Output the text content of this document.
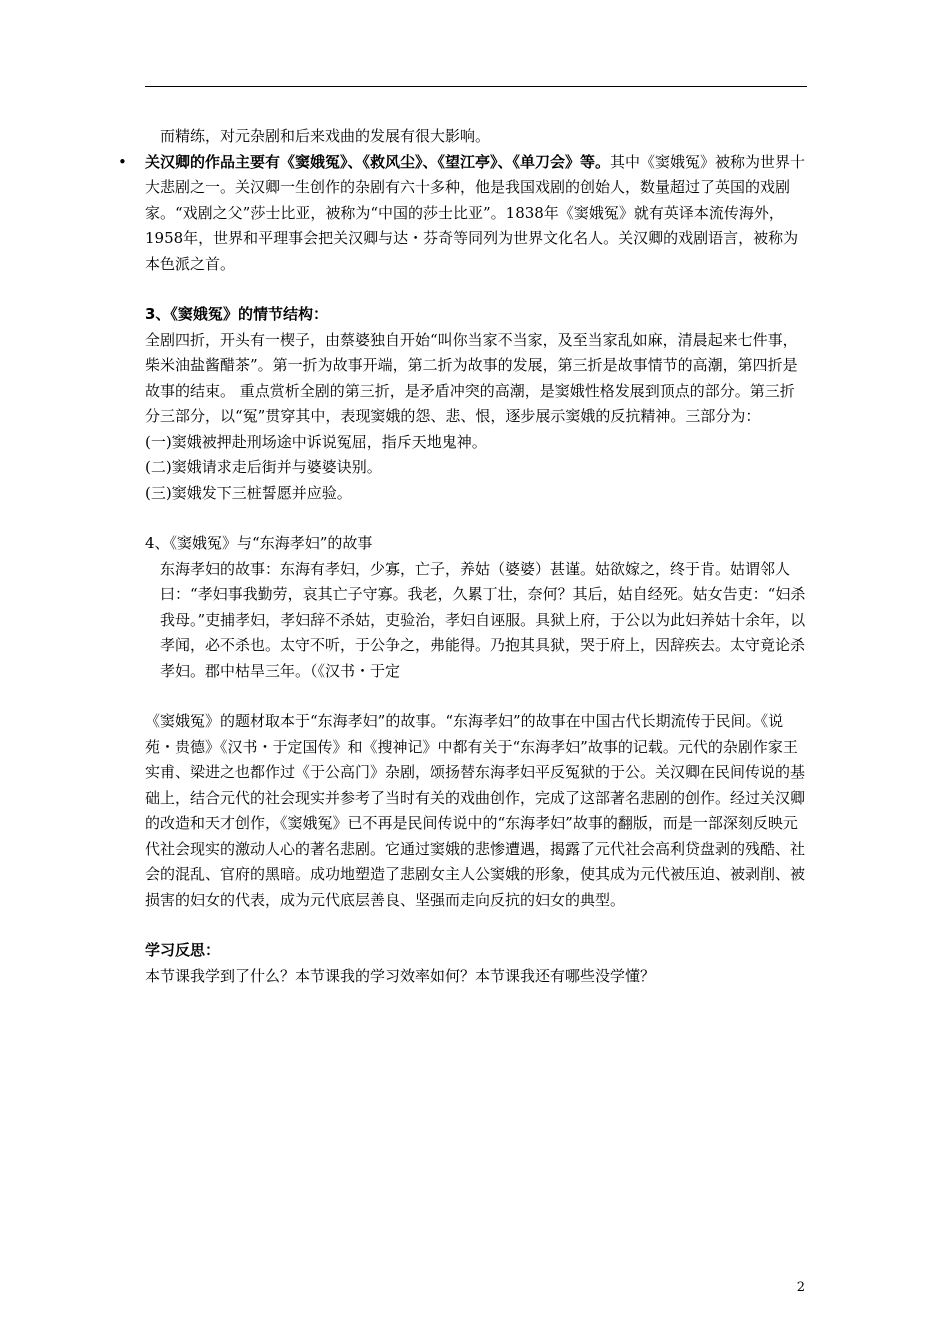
而精练，对元杂剧和后来戏曲的发展有很大影响。

• 关汉卿的作品主要有《窦娥冤》、《救风尘》、《望江亭》、《单刀会》等。其中《窦娥冤》被称为世界十大悲剧之一。关汉卿一生创作的杂剧有六十多种，他是我国戏剧的创始人，数量超过了英国的戏剧家。“戏剧之父”莎士比亚，被称为“中国的莎士比亚”。1838年《窦娥冤》就有英译本流传海外，1958年，世界和平理事会把关汉卿与达・芬奇等同列为世界文化名人。关汉卿的戏剧语言，被称为本色派之首。

3、《窦娥冤》的情节结构：

全剧四折，开头有一楔子，由蔡婆独自开始“叫你当家不当家，及至当家乱如麻，清晨起来七件事，柴米油盐酱醋茶”。第一折为故事开端，第二折为故事的发展，第三折是故事情节的高潮，第四折是故事的结束。 重点赏析全剧的第三折，是矛盾冲突的高潮，是窦娥性格发展到顶点的部分。第三折分三部分，以“冤”贯穿其中，表现窦娥的怨、悲、恨，逐步展示窦娥的反抗精神。三部分为：

(一)窦娥被押赴刑场途中诉说冤屈，指斥天地鬼神。

(二)窦娥请求走后街并与婆婆诀别。

(三)窦娥发下三桩誓愿并应验。

4、《窦娥冤》与“东海孝妇”的故事

东海孝妇的故事：东海有孝妇，少寡，亡子，养姑（婆婆）甚谨。姑欲嫁之，终于肯。姑谓邻人曰：“孝妇事我勤劳，哀其亡子守寡。我老，久累丁壮，奈何？其后，姑自经死。姑女告吏：“妇杀我母。”吏捕孝妇，孝妇辞不杀姑，吏验治，孝妇自诬服。具狱上府，于公以为此妇养姑十余年，以孝闻，必不杀也。太守不听，于公争之，弗能得。乃抱其具狱，哭于府上，因辞疾去。太守竟论杀孝妇。郡中枯旱三年。（《汉书・于定

《窦娥冤》的题材取本于“东海孝妇”的故事。“东海孝妇”的故事在中国古代长期流传于民间。《说苑・贵德》《汉书・于定国传》和《搜神记》中都有关于“东海孝妇”故事的记载。元代的杂剧作家王实甫、梁进之也都作过《于公高门》杂剧，颂扬替东海孝妇平反冤狱的于公。关汉卿在民间传说的基础上，结合元代的社会现实并参考了当时有关的戏曲创作，完成了这部著名悲剧的创作。经过关汉卿的改造和天才创作，《窦娥冤》已不再是民间传说中的“东海孝妇”故事的翻版，而是一部深刻反映元代社会现实的激动人心的著名悲剧。它通过窦娥的悲惨遭遇，揭露了元代社会高利贷盘剥的残酷、社会的混乱、官府的黑暗。成功地塑造了悲剧女主人公窦娥的形象，使其成为元代被压迫、被剥削、被损害的妇女的代表，成为元代底层善良、坚强而走向反抗的妇女的典型。

学习反思：

本节课我学到了什么？本节课我的学习效率如何？本节课我还有哪些没学懂？

2
